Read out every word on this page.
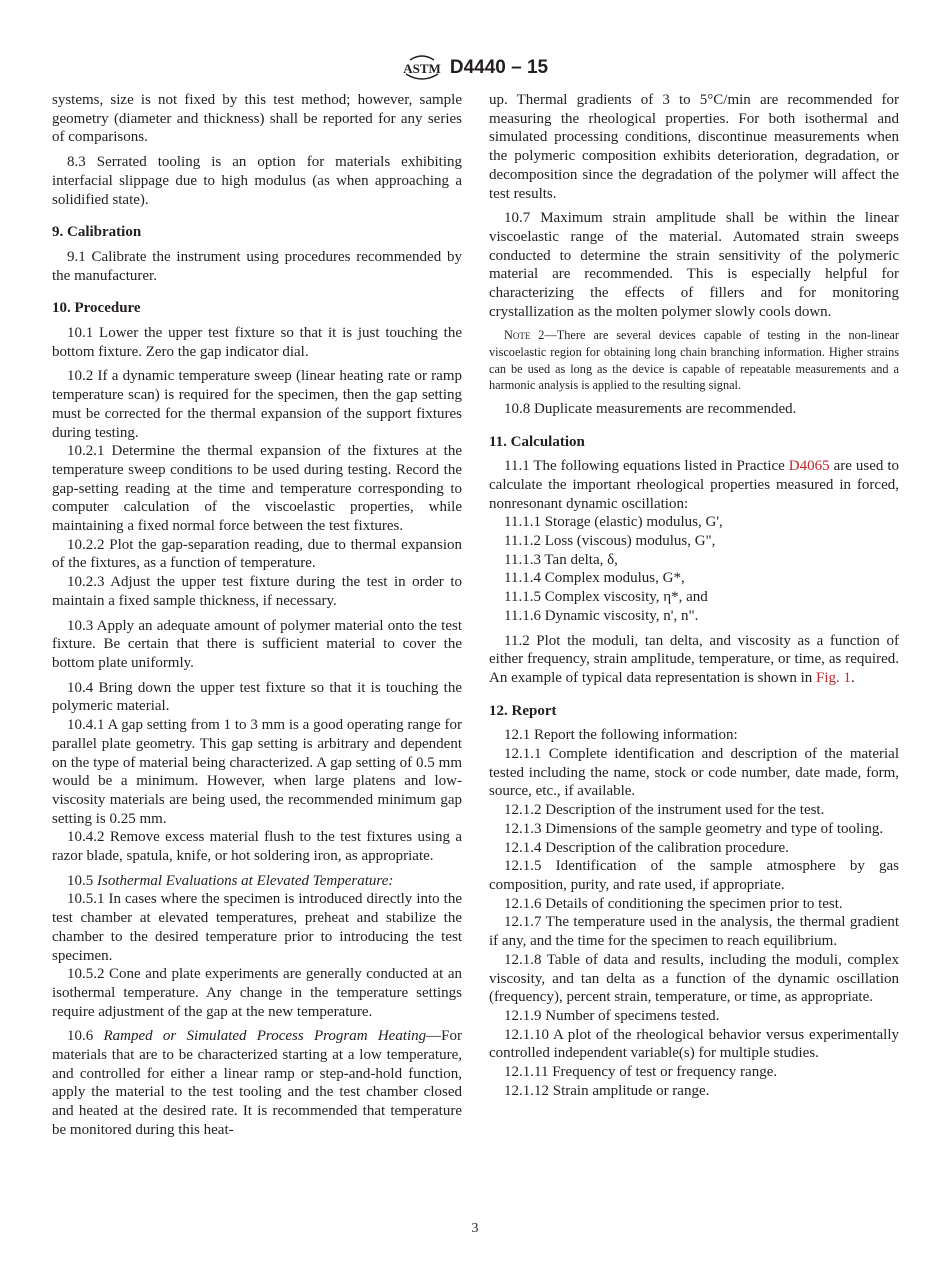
ASTM D4440 – 15

systems, size is not fixed by this test method; however, sample geometry (diameter and thickness) shall be reported for any series of comparisons.

8.3 Serrated tooling is an option for materials exhibiting interfacial slippage due to high modulus (as when approaching a solidified state).

9. Calibration

9.1 Calibrate the instrument using procedures recommended by the manufacturer.

10. Procedure

10.1 Lower the upper test fixture so that it is just touching the bottom fixture. Zero the gap indicator dial.

10.2 If a dynamic temperature sweep (linear heating rate or ramp temperature scan) is required for the specimen, then the gap setting must be corrected for the thermal expansion of the support fixtures during testing.

10.2.1 Determine the thermal expansion of the fixtures at the temperature sweep conditions to be used during testing. Record the gap-setting reading at the time and temperature corresponding to computer calculation of the viscoelastic properties, while maintaining a fixed normal force between the test fixtures.

10.2.2 Plot the gap-separation reading, due to thermal expansion of the fixtures, as a function of temperature.

10.2.3 Adjust the upper test fixture during the test in order to maintain a fixed sample thickness, if necessary.

10.3 Apply an adequate amount of polymer material onto the test fixture. Be certain that there is sufficient material to cover the bottom plate uniformly.

10.4 Bring down the upper test fixture so that it is touching the polymeric material.

10.4.1 A gap setting from 1 to 3 mm is a good operating range for parallel plate geometry. This gap setting is arbitrary and dependent on the type of material being characterized. A gap setting of 0.5 mm would be a minimum. However, when large platens and low-viscosity materials are being used, the recommended minimum gap setting is 0.25 mm.

10.4.2 Remove excess material flush to the test fixtures using a razor blade, spatula, knife, or hot soldering iron, as appropriate.

10.5 Isothermal Evaluations at Elevated Temperature:

10.5.1 In cases where the specimen is introduced directly into the test chamber at elevated temperatures, preheat and stabilize the chamber to the desired temperature prior to introducing the test specimen.

10.5.2 Cone and plate experiments are generally conducted at an isothermal temperature. Any change in the temperature settings require adjustment of the gap at the new temperature.

10.6 Ramped or Simulated Process Program Heating—For materials that are to be characterized starting at a low temperature, and controlled for either a linear ramp or step-and-hold function, apply the material to the test tooling and the test chamber closed and heated at the desired rate. It is recommended that temperature be monitored during this heat-

up. Thermal gradients of 3 to 5°C/min are recommended for measuring the rheological properties. For both isothermal and simulated processing conditions, discontinue measurements when the polymeric composition exhibits deterioration, degradation, or decomposition since the degradation of the polymer will affect the test results.

10.7 Maximum strain amplitude shall be within the linear viscoelastic range of the material. Automated strain sweeps conducted to determine the strain sensitivity of the polymeric material are recommended. This is especially helpful for characterizing the effects of fillers and for monitoring crystallization as the molten polymer slowly cools down.

Note 2—There are several devices capable of testing in the non-linear viscoelastic region for obtaining long chain branching information. Higher strains can be used as long as the device is capable of repeatable measurements and a harmonic analysis is applied to the resulting signal.

10.8 Duplicate measurements are recommended.

11. Calculation

11.1 The following equations listed in Practice D4065 are used to calculate the important rheological properties measured in forced, nonresonant dynamic oscillation:

11.1.1 Storage (elastic) modulus, G',

11.1.2 Loss (viscous) modulus, G",

11.1.3 Tan delta, δ,

11.1.4 Complex modulus, G*,

11.1.5 Complex viscosity, η*, and

11.1.6 Dynamic viscosity, n', n".

11.2 Plot the moduli, tan delta, and viscosity as a function of either frequency, strain amplitude, temperature, or time, as required. An example of typical data representation is shown in Fig. 1.

12. Report

12.1 Report the following information:

12.1.1 Complete identification and description of the material tested including the name, stock or code number, date made, form, source, etc., if available.

12.1.2 Description of the instrument used for the test.

12.1.3 Dimensions of the sample geometry and type of tooling.

12.1.4 Description of the calibration procedure.

12.1.5 Identification of the sample atmosphere by gas composition, purity, and rate used, if appropriate.

12.1.6 Details of conditioning the specimen prior to test.

12.1.7 The temperature used in the analysis, the thermal gradient if any, and the time for the specimen to reach equilibrium.

12.1.8 Table of data and results, including the moduli, complex viscosity, and tan delta as a function of the dynamic oscillation (frequency), percent strain, temperature, or time, as appropriate.

12.1.9 Number of specimens tested.

12.1.10 A plot of the rheological behavior versus experimentally controlled independent variable(s) for multiple studies.

12.1.11 Frequency of test or frequency range.

12.1.12 Strain amplitude or range.

3
